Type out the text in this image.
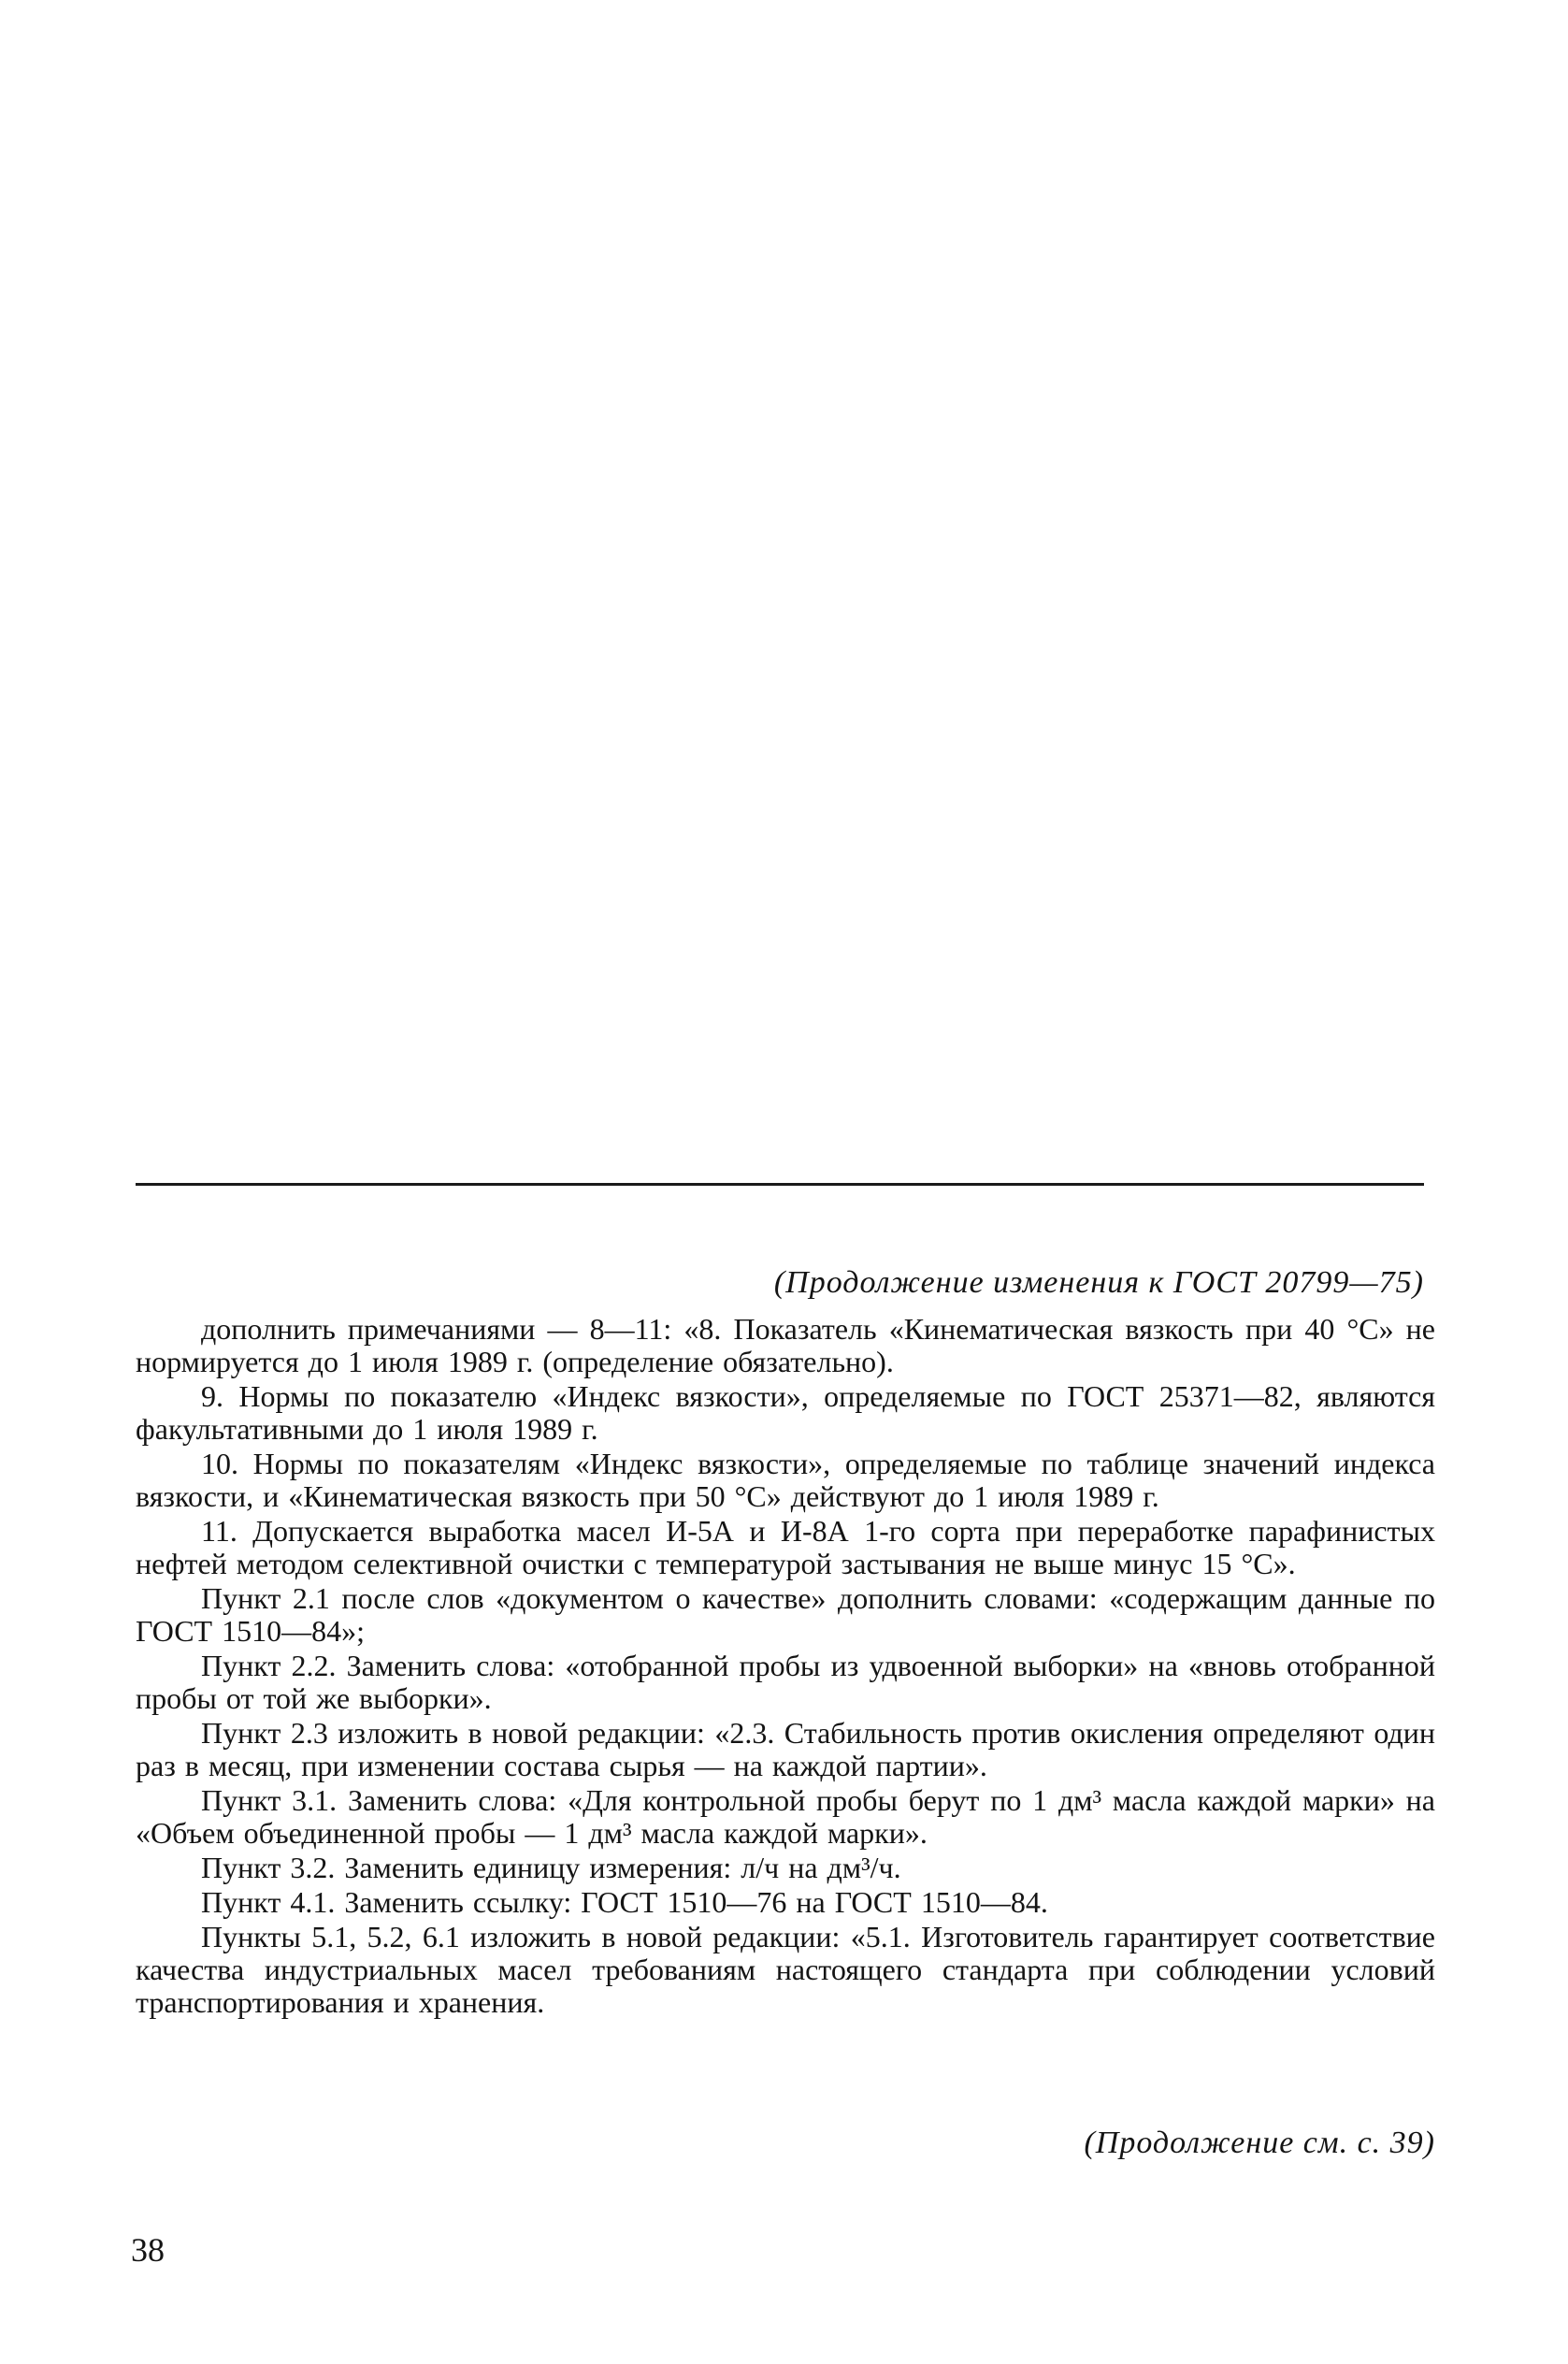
(Продолжение изменения к ГОСТ 20799—75)

дополнить примечаниями — 8—11: «8. Показатель «Кинематическая вязкость при 40 °С» не нормируется до 1 июля 1989 г. (определение обязательно).

9. Нормы по показателю «Индекс вязкости», определяемые по ГОСТ 25371—82, являются факультативными до 1 июля 1989 г.

10. Нормы по показателям «Индекс вязкости», определяемые по таблице значений индекса вязкости, и «Кинематическая вязкость при 50 °С» действуют до 1 июля 1989 г.

11. Допускается выработка масел И-5А и И-8А 1-го сорта при переработке парафинистых нефтей методом селективной очистки с температурой застывания не выше минус 15 °С».

Пункт 2.1 после слов «документом о качестве» дополнить словами: «содержащим данные по ГОСТ 1510—84»;

Пункт 2.2. Заменить слова: «отобранной пробы из удвоенной выборки» на «вновь отобранной пробы от той же выборки».

Пункт 2.3 изложить в новой редакции: «2.3. Стабильность против окисления определяют один раз в месяц, при изменении состава сырья — на каждой партии».

Пункт 3.1. Заменить слова: «Для контрольной пробы берут по 1 дм³ масла каждой марки» на «Объем объединенной пробы — 1 дм³ масла каждой марки».

Пункт 3.2. Заменить единицу измерения: л/ч на дм³/ч.

Пункт 4.1. Заменить ссылку: ГОСТ 1510—76 на ГОСТ 1510—84.

Пункты 5.1, 5.2, 6.1 изложить в новой редакции: «5.1. Изготовитель гарантирует соответствие качества индустриальных масел требованиям настоящего стандарта при соблюдении условий транспортирования и хранения.

(Продолжение см. с. 39)
38
